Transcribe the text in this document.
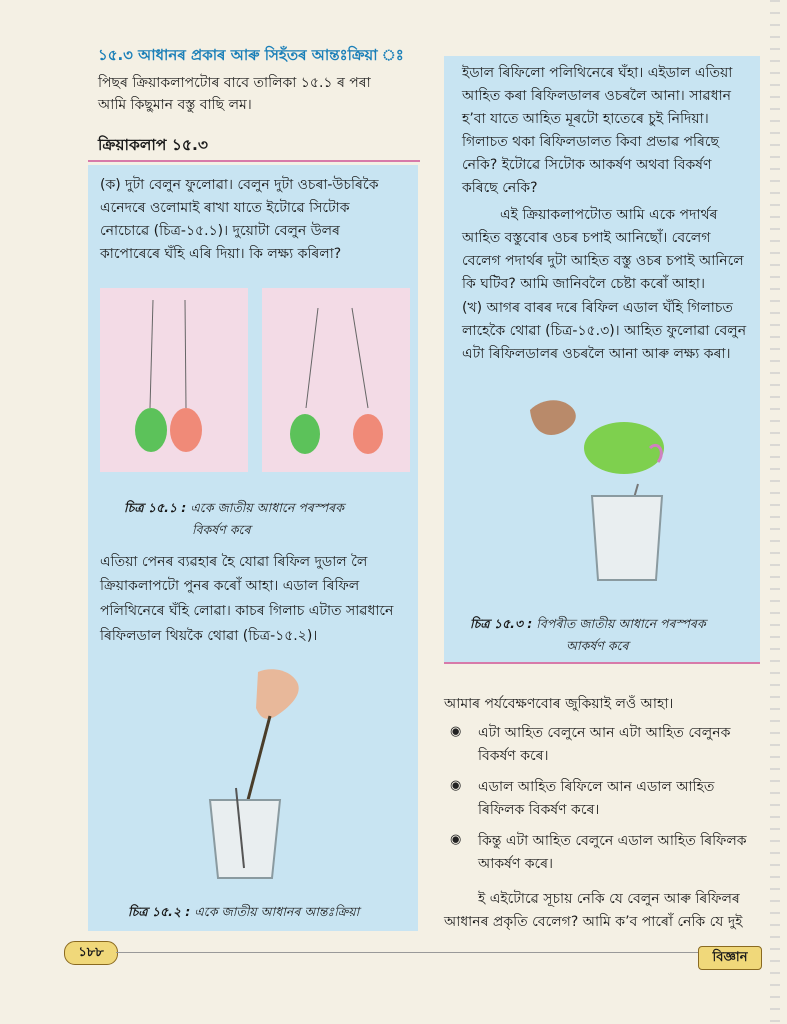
১৫.৩ আধানৰ প্ৰকাৰ আৰু সিহঁতৰ আন্তঃক্ৰিয়া ঃ
পিছৰ ক্ৰিয়াকলাপটোৰ বাবে তালিকা ১৫.১ ৰ পৰা
আমি কিছুমান বস্তু বাছি লম।
ক্ৰিয়াকলাপ ১৫.৩
(ক) দুটা বেলুন ফুলোৱা। বেলুন দুটা ওচৰা-উচৰিকৈ
এনেদৰে ওলোমাই ৰাখা যাতে ইটোৱে সিটোক
নোচোৱে (চিত্ৰ-১৫.১)। দুয়োটা বেলুন উলৰ
কাপোৰেৰে ঘঁহি এৰি দিয়া। কি লক্ষ্য কৰিলা?
চিত্ৰ ১৫.১ : একে জাতীয় আধানে পৰস্পৰক
বিকৰ্ষণ কৰে
এতিয়া পেনৰ ব্যৱহাৰ হৈ যোৱা ৰিফিল দুডাল লৈ
ক্ৰিয়াকলাপটো পুনৰ কৰোঁ আহা। এডাল ৰিফিল
পলিথিনেৰে ঘঁহি লোৱা। কাচৰ গিলাচ এটাত সাৱধানে
ৰিফিলডাল থিয়কৈ থোৱা (চিত্ৰ-১৫.২)।
চিত্ৰ ১৫.২ : একে জাতীয় আধানৰ আন্তঃক্ৰিয়া
ইডাল ৰিফিলো পলিথিনেৰে ঘঁহা। এইডাল এতিয়া
আহিত কৰা ৰিফিলডালৰ ওচৰলৈ আনা। সাৱধান
হ’বা যাতে আহিত মূৰটো হাতেৰে চুই নিদিয়া।
গিলাচত থকা ৰিফিলডালত কিবা প্ৰভাৱ পৰিছে
নেকি? ইটোৱে সিটোক আকৰ্ষণ অথবা বিকৰ্ষণ
কৰিছে নেকি?
এই ক্ৰিয়াকলাপটোত আমি একে পদাৰ্থৰ
আহিত বস্তুবোৰ ওচৰ চপাই আনিছোঁ। বেলেগ
বেলেগ পদাৰ্থৰ দুটা আহিত বস্তু ওচৰ চপাই আনিলে
কি ঘটিব? আমি জানিবলৈ চেষ্টা কৰোঁ আহা।
(খ) আগৰ বাৰৰ দৰে ৰিফিল এডাল ঘঁহি গিলাচত
লাহেকৈ থোৱা (চিত্ৰ-১৫.৩)। আহিত ফুলোৱা বেলুন
এটা ৰিফিলডালৰ ওচৰলৈ আনা আৰু লক্ষ্য কৰা।
চিত্ৰ ১৫.৩ : বিপৰীত জাতীয় আধানে পৰস্পৰক
আকৰ্ষণ কৰে
আমাৰ পৰ্যবেক্ষণবোৰ জুকিয়াই লওঁ আহা।
◉ এটা আহিত বেলুনে আন এটা আহিত বেলুনক
বিকৰ্ষণ কৰে।
◉ এডাল আহিত ৰিফিলে আন এডাল আহিত
ৰিফিলক বিকৰ্ষণ কৰে।
◉ কিন্তু এটা আহিত বেলুনে এডাল আহিত ৰিফিলক
আকৰ্ষণ কৰে।
ই এইটোৱে সূচায় নেকি যে বেলুন আৰু ৰিফিলৰ
আধানৰ প্ৰকৃতি বেলেগ? আমি ক’ব পাৰোঁ নেকি যে দুই
১৮৮	বিজ্ঞান
